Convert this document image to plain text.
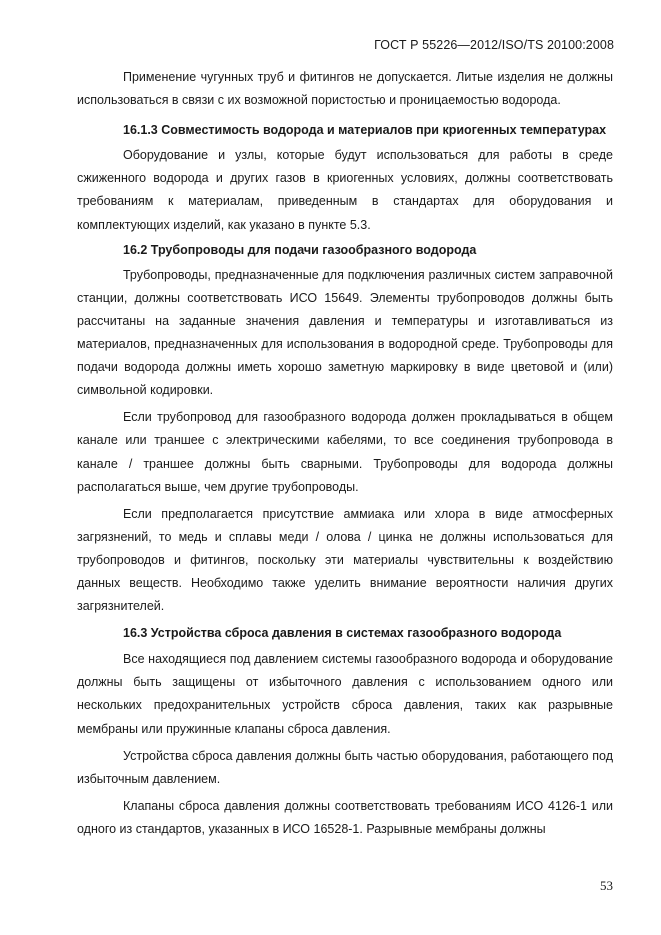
ГОСТ Р 55226—2012/ISO/TS 20100:2008

Применение чугунных труб и фитингов не допускается. Литые изделия не должны использоваться в связи с их возможной пористостью и проницаемостью водорода.

16.1.3 Совместимость водорода и материалов при криогенных температурах

Оборудование и узлы, которые будут использоваться для работы в среде сжиженного водорода и других газов в криогенных условиях, должны соответствовать требованиям к материалам, приведенным в стандартах для оборудования и комплектующих изделий, как указано в пункте 5.3.

16.2 Трубопроводы для подачи газообразного водорода

Трубопроводы, предназначенные для подключения различных систем заправочной станции, должны соответствовать ИСО 15649. Элементы трубопроводов должны быть рассчитаны на заданные значения давления и температуры и изготавливаться из материалов, предназначенных для использования в водородной среде. Трубопроводы для подачи водорода должны иметь хорошо заметную маркировку в виде цветовой и (или) символьной кодировки.

Если трубопровод для газообразного водорода должен прокладываться в общем канале или траншее с электрическими кабелями, то все соединения трубопровода в канале / траншее должны быть сварными. Трубопроводы для водорода должны располагаться выше, чем другие трубопроводы.

Если предполагается присутствие аммиака или хлора в виде атмосферных загрязнений, то медь и сплавы меди / олова / цинка не должны использоваться для трубопроводов и фитингов, поскольку эти материалы чувствительны к воздействию данных веществ. Необходимо также уделить внимание вероятности наличия других загрязнителей.

16.3 Устройства сброса давления в системах газообразного водорода

Все находящиеся под давлением системы газообразного водорода и оборудование должны быть защищены от избыточного давления с использованием одного или нескольких предохранительных устройств сброса давления, таких как разрывные мембраны или пружинные клапаны сброса давления.

Устройства сброса давления должны быть частью оборудования, работающего под избыточным давлением.

Клапаны сброса давления должны соответствовать требованиям ИСО 4126-1 или одного из стандартов, указанных в ИСО 16528-1. Разрывные мембраны должны

53
